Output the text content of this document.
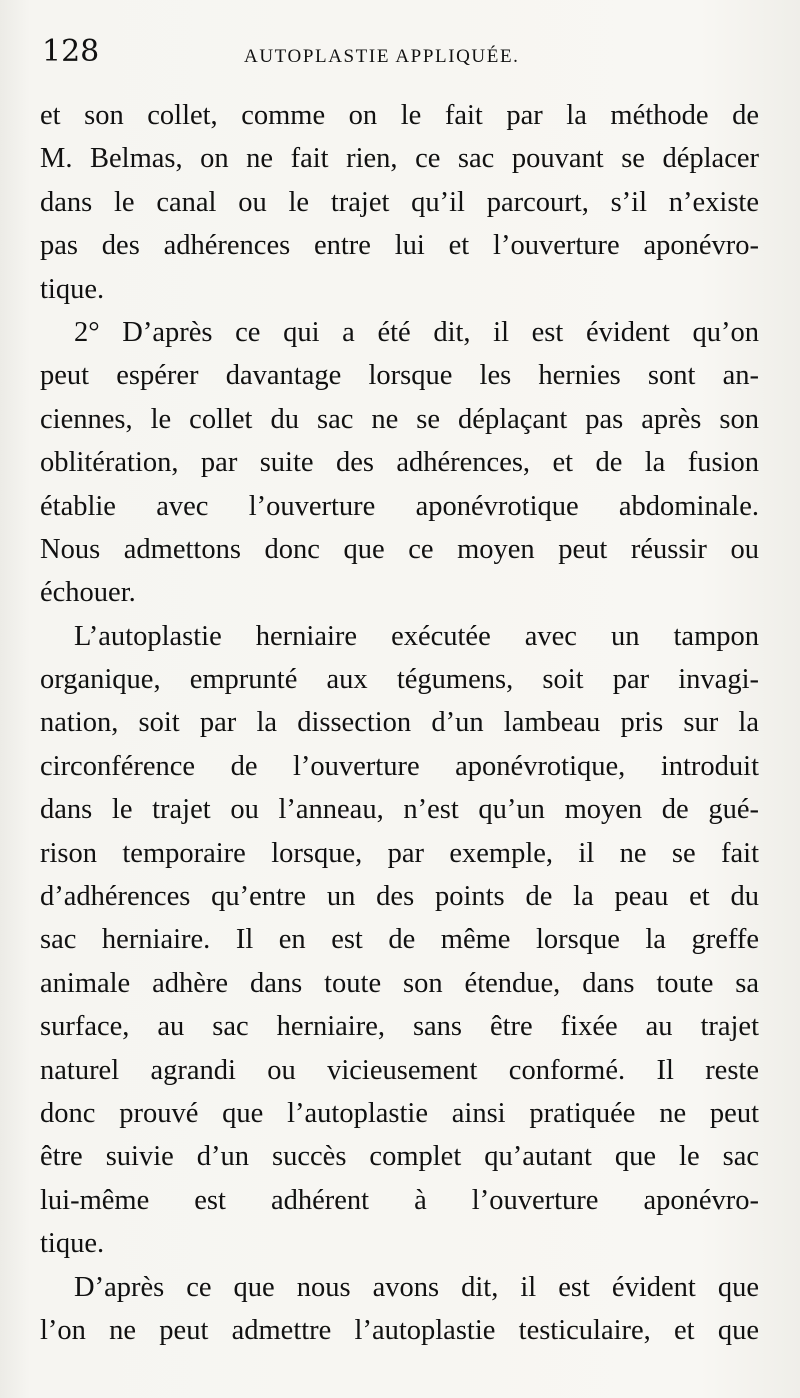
128	AUTOPLASTIE APPLIQUÉE.
et son collet, comme on le fait par la méthode de
M. Belmas, on ne fait rien, ce sac pouvant se déplacer
dans le canal ou le trajet qu’il parcourt, s’il n’existe
pas des adhérences entre lui et l’ouverture aponévro-
tique.
2° D’après ce qui a été dit, il est évident qu’on
peut espérer davantage lorsque les hernies sont an-
ciennes, le collet du sac ne se déplaçant pas après son
oblitération, par suite des adhérences, et de la fusion
établie avec l’ouverture aponévrotique abdominale.
Nous admettons donc que ce moyen peut réussir ou
échouer.
L’autoplastie herniaire exécutée avec un tampon
organique, emprunté aux tégumens, soit par invagi-
nation, soit par la dissection d’un lambeau pris sur la
circonférence de l’ouverture aponévrotique, introduit
dans le trajet ou l’anneau, n’est qu’un moyen de gué-
rison temporaire lorsque, par exemple, il ne se fait
d’adhérences qu’entre un des points de la peau et du
sac herniaire. Il en est de même lorsque la greffe
animale adhère dans toute son étendue, dans toute sa
surface, au sac herniaire, sans être fixée au trajet
naturel agrandi ou vicieusement conformé. Il reste
donc prouvé que l’autoplastie ainsi pratiquée ne peut
être suivie d’un succès complet qu’autant que le sac
lui-même est adhérent à l’ouverture aponévro-
tique.
D’après ce que nous avons dit, il est évident que
l’on ne peut admettre l’autoplastie testiculaire, et que
